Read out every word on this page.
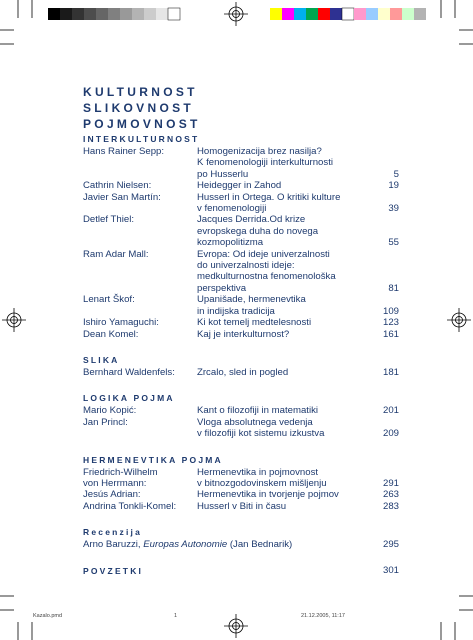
KULTURNOST
SLIKOVNOST
POJMOVNOST
INTERKULTURNOST
Hans Rainer Sepp:	Homogenizacija brez nasilja?
K fenomenologiji interkulturnosti
po Husserlu	5
Cathrin Nielsen:	Heidegger in Zahod	19
Javier San Martín:	Husserl in Ortega. O kritiki kulture
v fenomenologiji	39
Detlef Thiel:	Jacques Derrida.Od krize
evropskega duha do novega
kozmopolitizma	55
Ram Adar Mall:	Evropa: Od ideje univerzalnosti
do univerzalnosti ideje:
medkulturnostna fenomenološka
perspektiva	81
Lenart Škof:	Upanišade, hermenevtika
in indijska tradicija	109
Ishiro Yamaguchi:	Ki kot temelj medtelesnosti	123
Dean Komel:	Kaj je interkulturnost?	161
SLIKA
Bernhard Waldenfels:	Zrcalo, sled in pogled	181
LOGIKA POJMA
Mario Kopić:	Kant o filozofiji in matematiki	201
Jan Princl:	Vloga absolutnega vedenja
v filozofiji kot sistemu izkustva	209
HERMENEVTIKA POJMA
Friedrich-Wilhelm	Hermenevtika in pojmovnost
von Herrmann:	v bitnozgodovinskem mišljenju	291
Jesús Adrian:	Hermenevtika in tvorjenje pojmov	263
Andrina Tonkli-Komel:	Husserl v Biti in času	283
Recenzija
Arno Baruzzi, Europas Autonomie (Jan Bednarik)	295
POVZETKI	301
Kazalo.pmd	1	21.12.2005, 11:17
